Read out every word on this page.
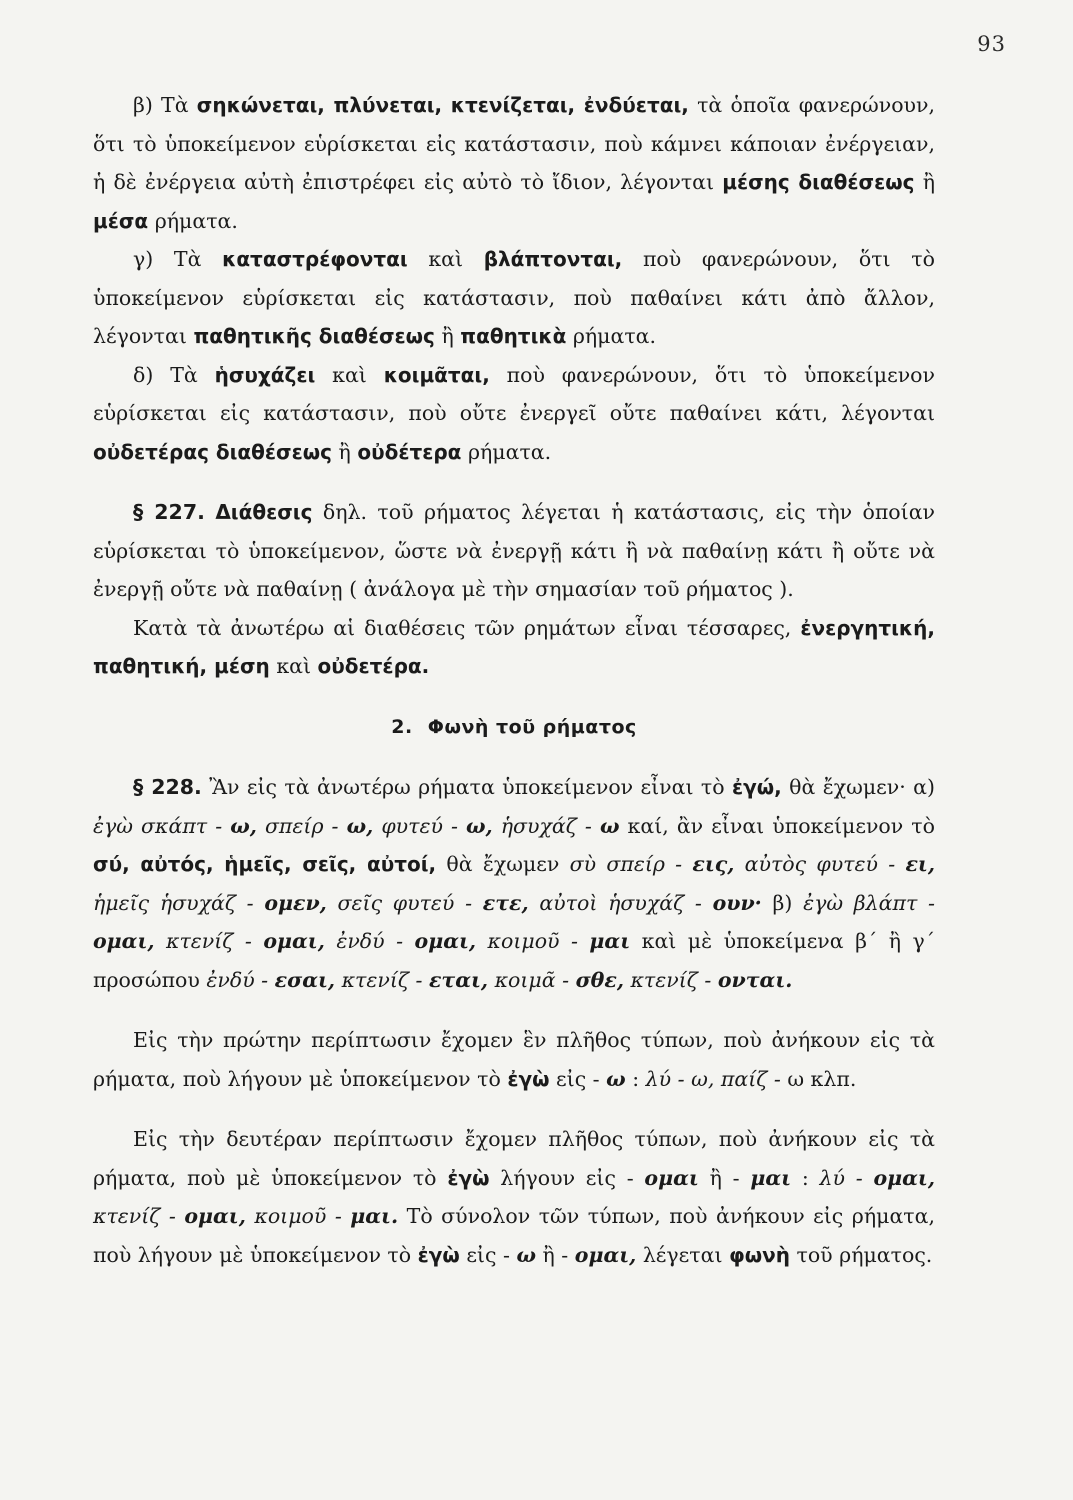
93

β) Τὰ σηκώνεται, πλύνεται, κτενίζεται, ἐνδύεται, τὰ ὁποῖα φανερώνουν, ὅτι τὸ ὑποκείμενον εὑρίσκεται εἰς κατάστασιν, ποὺ κάμνει κάποιαν ἐνέργειαν, ἡ δὲ ἐνέργεια αὐτὴ ἐπιστρέφει εἰς αὐτὸ τὸ ἴδιον, λέγονται μέσης διαθέσεως ἢ μέσα ρήματα.

γ) Τὰ καταστρέφονται καὶ βλάπτονται, ποὺ φανερώνουν, ὅτι τὸ ὑποκείμενον εὑρίσκεται εἰς κατάστασιν, ποὺ παθαίνει κάτι ἀπὸ ἄλλον, λέγονται παθητικῆς διαθέσεως ἢ παθητικὰ ρήματα.

δ) Τὰ ἡσυχάζει καὶ κοιμᾶται, ποὺ φανερώνουν, ὅτι τὸ ὑποκείμενον εὑρίσκεται εἰς κατάστασιν, ποὺ οὔτε ἐνεργεῖ οὔτε παθαίνει κάτι, λέγονται οὐδετέρας διαθέσεως ἢ οὐδέτερα ρήματα.

§ 227. Διάθεσις δηλ. τοῦ ρήματος λέγεται ἡ κατάστασις, εἰς τὴν ὁποίαν εὑρίσκεται τὸ ὑποκείμενον, ὥστε νὰ ἐνεργῇ κάτι ἢ νὰ παθαίνῃ κάτι ἢ οὔτε νὰ ἐνεργῇ οὔτε νὰ παθαίνῃ ( ἀνάλογα μὲ τὴν σημασίαν τοῦ ρήματος ).

Κατὰ τὰ ἀνωτέρω αἱ διαθέσεις τῶν ρημάτων εἶναι τέσσαρες, ἐνεργητική, παθητική, μέση καὶ οὐδετέρα.

2. Φωνὴ τοῦ ρήματος

§ 228. Ἂν εἰς τὰ ἀνωτέρω ρήματα ὑποκείμενον εἶναι τὸ ἐγώ, θὰ ἔχωμεν· α) ἐγὼ σκάπτ - ω, σπείρ - ω, φυτεύ - ω, ἡσυχάζ - ω καί, ἂν εἶναι ὑποκείμενον τὸ σύ, αὐτός, ἡμεῖς, σεῖς, αὐτοί, θὰ ἔχωμεν σὺ σπείρ - εις, αὐτὸς φυτεύ - ει, ἡμεῖς ἡσυχάζ - ομεν, σεῖς φυτεύ - ετε, αὐτοὶ ἡσυχάζ - ουν· β) ἐγὼ βλάπτ - ομαι, κτενίζ - ομαι, ἐνδύ - ομαι, κοιμοῦ - μαι καὶ μὲ ὑποκείμενα β΄ ἢ γ΄ προσώπου ἐνδύ - εσαι, κτενίζ - εται, κοιμᾶ - σθε, κτενίζ - ονται.

Εἰς τὴν πρώτην περίπτωσιν ἔχομεν ἓν πλῆθος τύπων, ποὺ ἀνήκουν εἰς τὰ ρήματα, ποὺ λήγουν μὲ ὑποκείμενον τὸ ἐγὼ εἰς - ω : λύ - ω, παίζ - ω κλπ.

Εἰς τὴν δευτέραν περίπτωσιν ἔχομεν πλῆθος τύπων, ποὺ ἀνήκουν εἰς τὰ ρήματα, ποὺ μὲ ὑποκείμενον τὸ ἐγὼ λήγουν εἰς - ομαι ἢ - μαι : λύ - ομαι, κτενίζ - ομαι, κοιμοῦ - μαι. Τὸ σύνολον τῶν τύπων, ποὺ ἀνήκουν εἰς ρήματα, ποὺ λήγουν μὲ ὑποκείμενον τὸ ἐγὼ εἰς - ω ἢ - ομαι, λέγεται φωνὴ τοῦ ρήματος.
